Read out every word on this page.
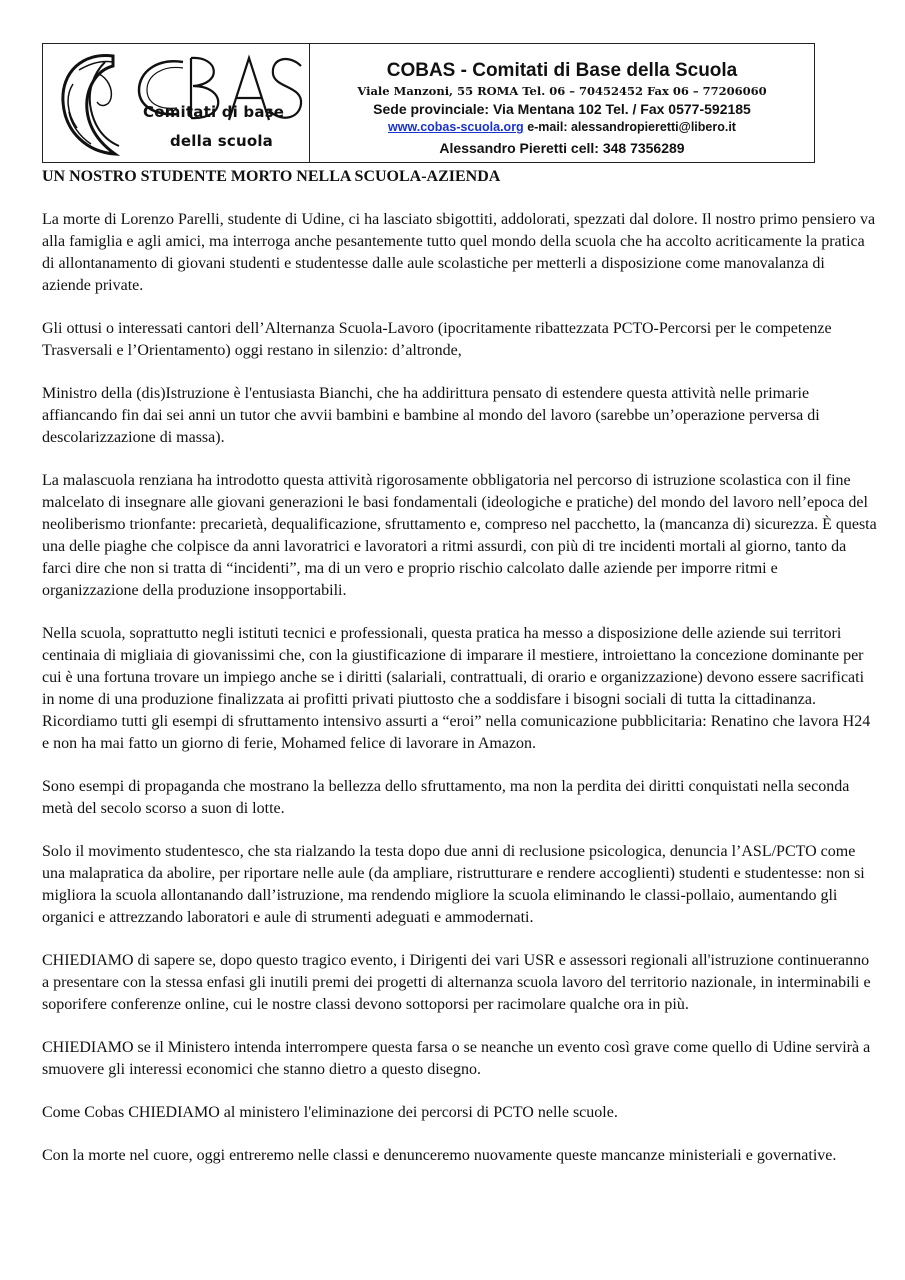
Comitati di base
della scuola
COBAS - Comitati di Base della Scuola
Viale Manzoni, 55 ROMA Tel. 06 – 70452452 Fax 06 – 77206060
Sede provinciale: Via Mentana 102 Tel. / Fax 0577-592185
www.cobas-scuola.org e-mail: alessandropieretti@libero.it
Alessandro Pieretti cell: 348 7356289
UN NOSTRO STUDENTE MORTO NELLA SCUOLA-AZIENDA

La morte di Lorenzo Parelli, studente di Udine, ci ha lasciato sbigottiti, addolorati, spezzati dal dolore. Il nostro primo pensiero va alla famiglia e agli amici, ma interroga anche pesantemente tutto quel mondo della scuola che ha accolto acriticamente la pratica di allontanamento di giovani studenti e studentesse dalle aule scolastiche per metterli a disposizione come manovalanza di aziende private.

Gli ottusi o interessati cantori dell’Alternanza Scuola-Lavoro (ipocritamente ribattezzata PCTO-Percorsi per le competenze Trasversali e l’Orientamento) oggi restano in silenzio: d’altronde,

Ministro della (dis)Istruzione è l'entusiasta Bianchi, che ha addirittura pensato di estendere questa attività nelle primarie affiancando fin dai sei anni un tutor che avvii bambini e bambine al mondo del lavoro (sarebbe un’operazione perversa di descolarizzazione di massa).

La malascuola renziana ha introdotto questa attività rigorosamente obbligatoria nel percorso di istruzione scolastica con il fine malcelato di insegnare alle giovani generazioni le basi fondamentali (ideologiche e pratiche) del mondo del lavoro nell’epoca del neoliberismo trionfante: precarietà, dequalificazione, sfruttamento e, compreso nel pacchetto, la (mancanza di) sicurezza. È questa una delle piaghe che colpisce da anni lavoratrici e lavoratori a ritmi assurdi, con più di tre incidenti mortali al giorno, tanto da farci dire che non si tratta di “incidenti”, ma di un vero e proprio rischio calcolato dalle aziende per imporre ritmi e organizzazione della produzione insopportabili.

Nella scuola, soprattutto negli istituti tecnici e professionali, questa pratica ha messo a disposizione delle aziende sui territori centinaia di migliaia di giovanissimi che, con la giustificazione di imparare il mestiere, introiettano la concezione dominante per cui è una fortuna trovare un impiego anche se i diritti (salariali, contrattuali, di orario e organizzazione) devono essere sacrificati in nome di una produzione finalizzata ai profitti privati piuttosto che a soddisfare i bisogni sociali di tutta la cittadinanza. Ricordiamo tutti gli esempi di sfruttamento intensivo assurti a “eroi” nella comunicazione pubblicitaria: Renatino che lavora H24 e non ha mai fatto un giorno di ferie, Mohamed felice di lavorare in Amazon.

Sono esempi di propaganda che mostrano la bellezza dello sfruttamento, ma non la perdita dei diritti conquistati nella seconda metà del secolo scorso a suon di lotte.

Solo il movimento studentesco, che sta rialzando la testa dopo due anni di reclusione psicologica, denuncia l’ASL/PCTO come una malapratica da abolire, per riportare nelle aule (da ampliare, ristrutturare e rendere accoglienti) studenti e studentesse: non si migliora la scuola allontanando dall’istruzione, ma rendendo migliore la scuola eliminando le classi-pollaio, aumentando gli organici e attrezzando laboratori e aule di strumenti adeguati e ammodernati.

CHIEDIAMO di sapere se, dopo questo tragico evento, i Dirigenti dei vari USR e assessori regionali all'istruzione continueranno a presentare con la stessa enfasi gli inutili premi dei progetti di alternanza scuola lavoro del territorio nazionale, in interminabili e soporifere conferenze online, cui le nostre classi devono sottoporsi per racimolare qualche ora in più.

CHIEDIAMO se il Ministero intenda interrompere questa farsa o se neanche un evento così grave come quello di Udine servirà a smuovere gli interessi economici che stanno dietro a questo disegno.

Come Cobas CHIEDIAMO al ministero l'eliminazione dei percorsi di PCTO nelle scuole.

Con la morte nel cuore, oggi entreremo nelle classi e denunceremo nuovamente queste mancanze ministeriali e governative.
